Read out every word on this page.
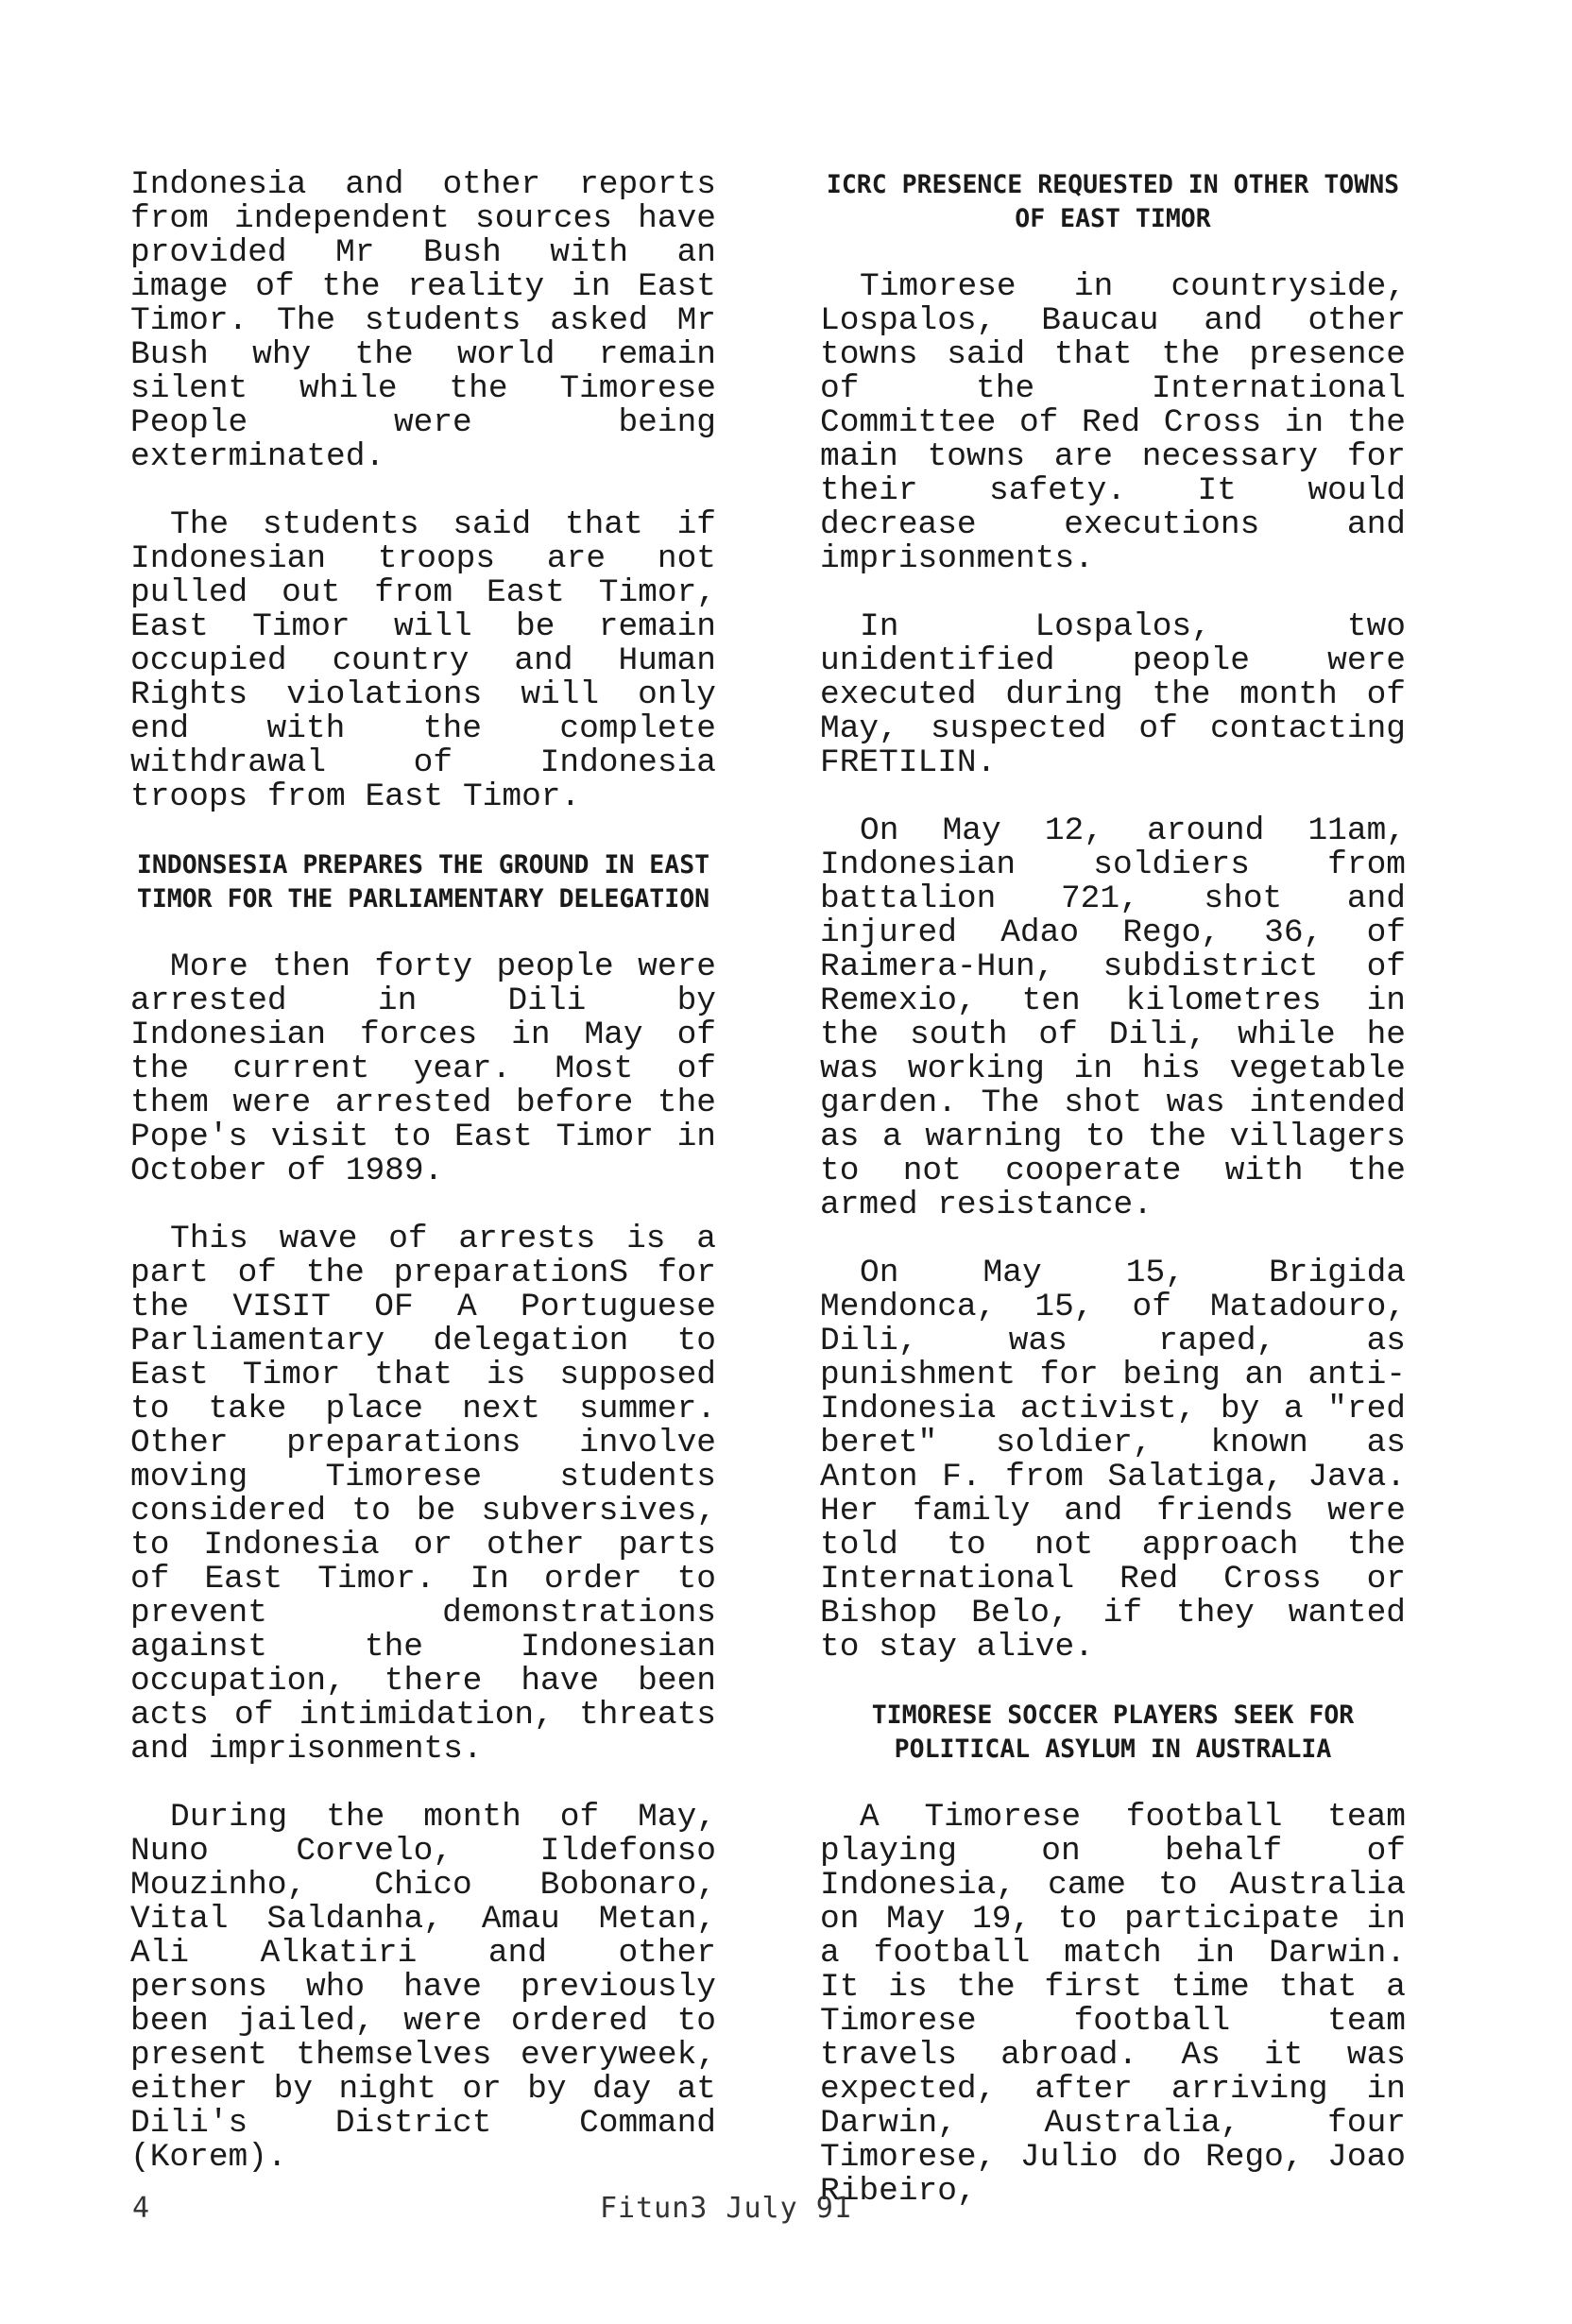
Indonesia and other reports from independent sources have provided Mr Bush with an image of the reality in East Timor. The students asked Mr Bush why the world remain silent while the Timorese People were being exterminated.

The students said that if Indonesian troops are not pulled out from East Timor, East Timor will be remain occupied country and Human Rights violations will only end with the complete withdrawal of Indonesia troops from East Timor.

INDONSESIA PREPARES THE GROUND IN EAST TIMOR FOR THE PARLIAMENTARY DELEGATION

More then forty people were arrested in Dili by Indonesian forces in May of the current year. Most of them were arrested before the Pope's visit to East Timor in October of 1989.

This wave of arrests is a part of the preparationS for the VISIT OF A Portuguese Parliamentary delegation to East Timor that is supposed to take place next summer. Other preparations involve moving Timorese students considered to be subversives, to Indonesia or other parts of East Timor. In order to prevent demonstrations against the Indonesian occupation, there have been acts of intimidation, threats and imprisonments.

During the month of May, Nuno Corvelo, Ildefonso Mouzinho, Chico Bobonaro, Vital Saldanha, Amau Metan, Ali Alkatiri and other persons who have previously been jailed, were ordered to present themselves everyweek, either by night or by day at Dili's District Command (Korem).

ICRC PRESENCE REQUESTED IN OTHER TOWNS OF EAST TIMOR

Timorese in countryside, Lospalos, Baucau and other towns said that the presence of the International Committee of Red Cross in the main towns are necessary for their safety. It would decrease executions and imprisonments.

In Lospalos, two unidentified people were executed during the month of May, suspected of contacting FRETILIN.

On May 12, around 11am, Indonesian soldiers from battalion 721, shot and injured Adao Rego, 36, of Raimera-Hun, subdistrict of Remexio, ten kilometres in the south of Dili, while he was working in his vegetable garden. The shot was intended as a warning to the villagers to not cooperate with the armed resistance.

On May 15, Brigida Mendonca, 15, of Matadouro, Dili, was raped, as punishment for being an anti-Indonesia activist, by a "red beret" soldier, known as Anton F. from Salatiga, Java. Her family and friends were told to not approach the International Red Cross or Bishop Belo, if they wanted to stay alive.

TIMORESE SOCCER PLAYERS SEEK FOR POLITICAL ASYLUM IN AUSTRALIA

A Timorese football team playing on behalf of Indonesia, came to Australia on May 19, to participate in a football match in Darwin. It is the first time that a Timorese football team travels abroad. As it was expected, after arriving in Darwin, Australia, four Timorese, Julio do Rego, Joao Ribeiro,

4	Fitun3 July 91
